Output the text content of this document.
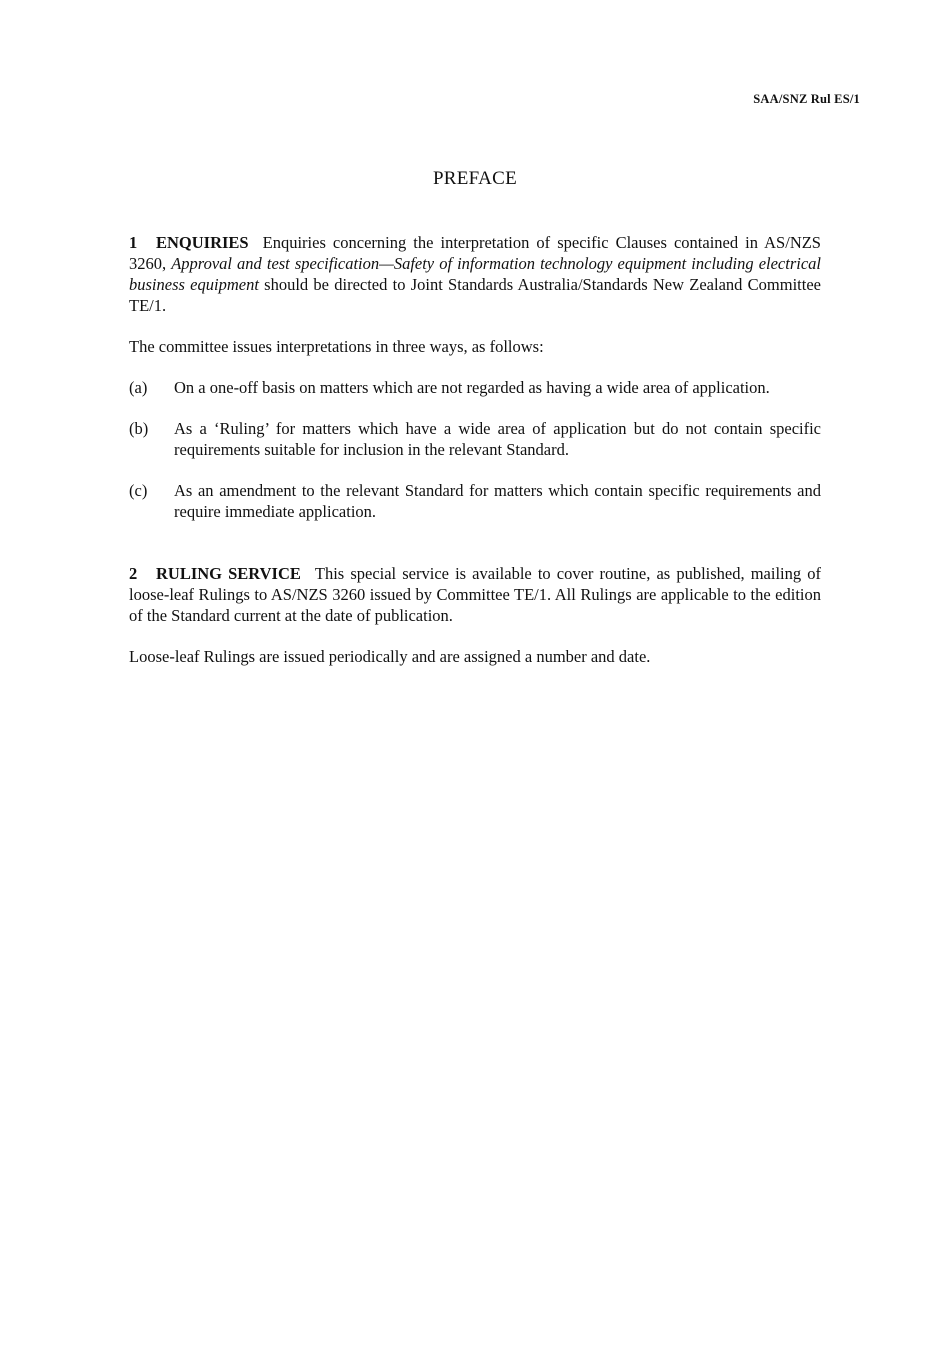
SAA/SNZ Rul ES/1
PREFACE

1 ENQUIRIES Enquiries concerning the interpretation of specific Clauses contained in AS/NZS 3260, Approval and test specification—Safety of information technology equipment including electrical business equipment should be directed to Joint Standards Australia/Standards New Zealand Committee TE/1.

The committee issues interpretations in three ways, as follows:

(a)	On a one-off basis on matters which are not regarded as having a wide area of application.
(b)	As a ‘Ruling’ for matters which have a wide area of application but do not contain specific requirements suitable for inclusion in the relevant Standard.
(c)	As an amendment to the relevant Standard for matters which contain specific requirements and require immediate application.

2 RULING SERVICE This special service is available to cover routine, as published, mailing of loose-leaf Rulings to AS/NZS 3260 issued by Committee TE/1. All Rulings are applicable to the edition of the Standard current at the date of publication.

Loose-leaf Rulings are issued periodically and are assigned a number and date.
